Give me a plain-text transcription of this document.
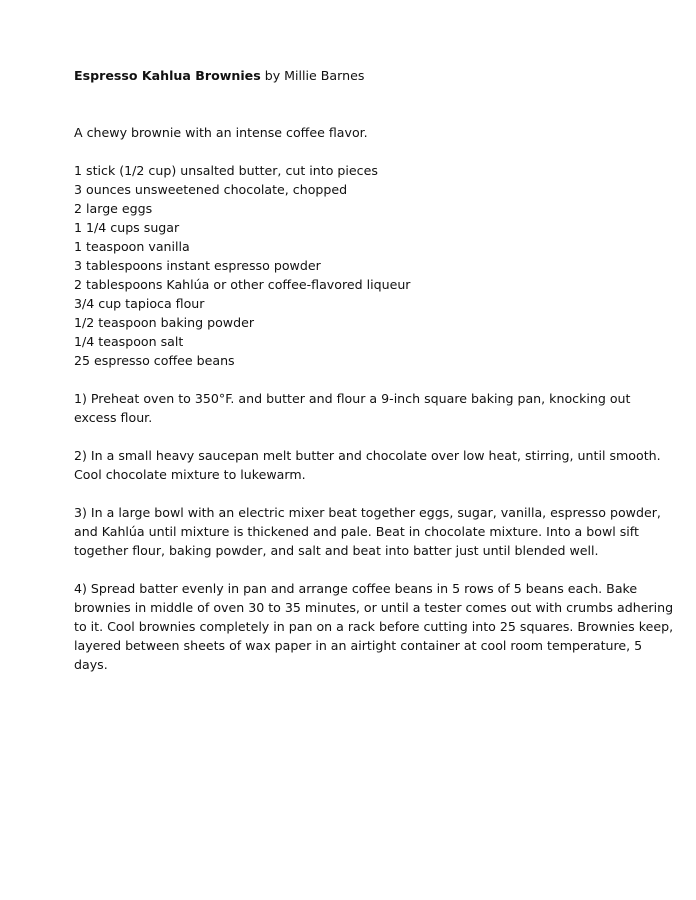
Espresso Kahlua Brownies by Millie Barnes

A chewy brownie with an intense coffee flavor.

1 stick (1/2 cup) unsalted butter, cut into pieces
3 ounces unsweetened chocolate, chopped
2 large eggs
1 1/4 cups sugar
1 teaspoon vanilla
3 tablespoons instant espresso powder
2 tablespoons Kahlúa or other coffee-flavored liqueur
3/4 cup tapioca flour
1/2 teaspoon baking powder
1/4 teaspoon salt
25 espresso coffee beans
1) Preheat oven to 350°F. and butter and flour a 9-inch square baking pan, knocking out excess flour.
2) In a small heavy saucepan melt butter and chocolate over low heat, stirring, until smooth. Cool chocolate mixture to lukewarm.
3) In a large bowl with an electric mixer beat together eggs, sugar, vanilla, espresso powder, and Kahlúa until mixture is thickened and pale. Beat in chocolate mixture. Into a bowl sift together flour, baking powder, and salt and beat into batter just until blended well.
4) Spread batter evenly in pan and arrange coffee beans in 5 rows of 5 beans each. Bake brownies in middle of oven 30 to 35 minutes, or until a tester comes out with crumbs adhering to it. Cool brownies completely in pan on a rack before cutting into 25 squares. Brownies keep, layered between sheets of wax paper in an airtight container at cool room temperature, 5 days.
